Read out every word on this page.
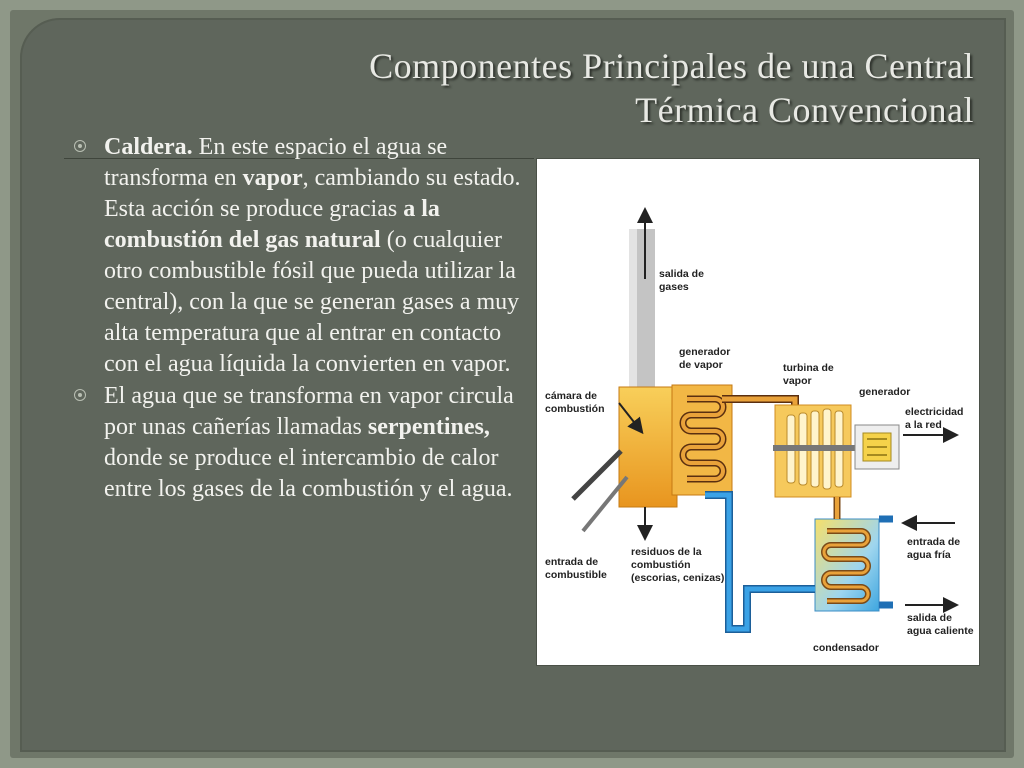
Componentes Principales de una Central
Térmica Convencional

Caldera. En este espacio el agua se transforma en vapor, cambiando su estado. Esta acción se produce gracias a la combustión del gas natural (o cualquier otro combustible fósil que pueda utilizar la central), con la que se generan gases a muy alta temperatura que al entrar en contacto con el agua líquida la convierten en vapor.

El agua que se transforma en vapor circula por unas cañerías llamadas serpentines, donde se produce el intercambio de calor entre los gases de la combustión y el agua.

salida de
gases
generador
de vapor	turbina de
vapor
generador
cámara de
combustión	electricidad
a la red
entrada de
agua fría
entrada de
combustible
residuos de la
combustión
(escorias, cenizas)
salida de
agua caliente
condensador
